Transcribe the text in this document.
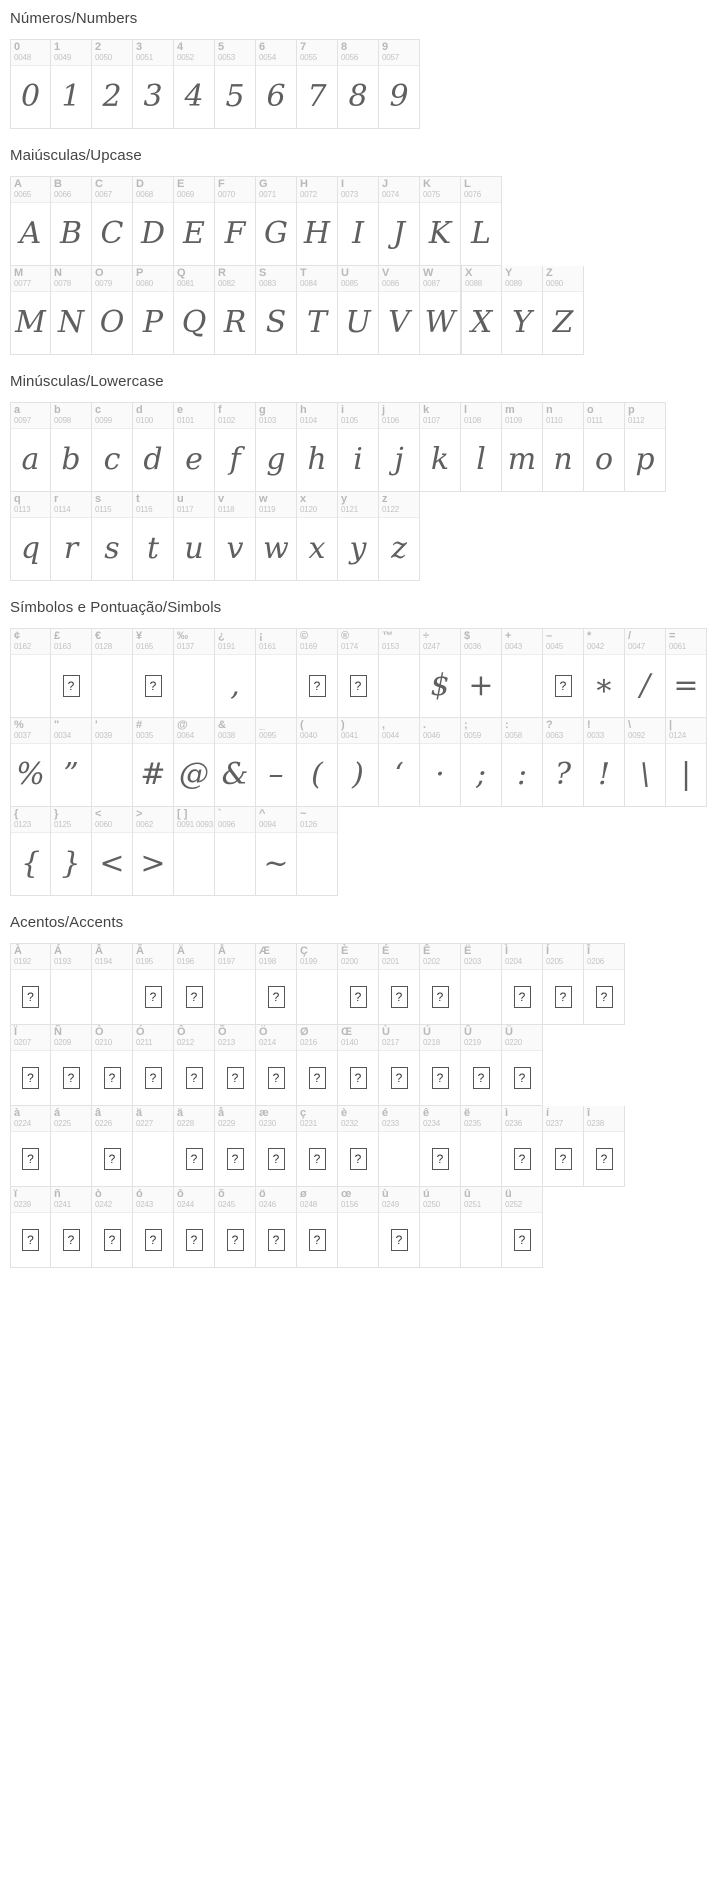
Números/Numbers
0
0048
0
1
0049
1
2
0050
2
3
0051
3
4
0052
4
5
0053
5
6
0054
6
7
0055
7
8
0056
8
9
0057
9
Maiúsculas/Upcase
A
0065
A
B
0066
B
C
0067
C
D
0068
D
E
0069
E
F
0070
F
G
0071
G
H
0072
H
I
0073
I
J
0074
J
K
0075
K
L
0076
L
M
0077
M
N
0078
N
O
0079
O
P
0080
P
Q
0081
Q
R
0082
R
S
0083
S
T
0084
T
U
0085
U
V
0086
V
W
0087
W
X
0088
X
Y
0089
Y
Z
0090
Z
Minúsculas/Lowercase
a
0097
a
b
0098
b
c
0099
c
d
0100
d
e
0101
e
f
0102
f
g
0103
g
h
0104
h
i
0105
i
j
0106
j
k
0107
k
l
0108
l
m
0109
m
n
0110
n
o
0111
o
p
0112
p
q
0113
q
r
0114
r
s
0115
s
t
0116
t
u
0117
u
v
0118
v
w
0119
w
x
0120
x
y
0121
y
z
0122
z
Símbolos e Pontuação/Simbols
¢
0162
£
0163
?
€
0128
¥
0165
?
‰
0137
¿
0191
,
¡
0161
©
0169
?
®
0174
?
™
0153
÷
0247
$
$
0036
+
+
0043
–
0045
?
*
0042
∗
/
0047
/
=
0061
=
%
0037
%
"
0034
”
'
0039
#
0035
#
@
0064
@
&
0038
&
_
0095
–
(
0040
(
)
0041
)
,
0044
ʻ
.
0046
·
;
0059
;
:
0058
:
?
0063
?
!
0033
!
\
0092
\
|
0124
|
{
0123
{
}
0125
}
<
0060
<
>
0062
>
[ ]
0091 0093
`
0096
^
0094
~
~
0126
Acentos/Accents
À
0192
?
Á
0193
Â
0194
Ã
0195
?
Ä
0196
?
Å
0197
Æ
0198
?
Ç
0199
È
0200
?
É
0201
?
Ê
0202
?
Ë
0203
Ì
0204
?
Í
0205
?
Î
0206
?
Ï
0207
?
Ñ
0209
?
Ò
0210
?
Ó
0211
?
Ô
0212
?
Õ
0213
?
Ö
0214
?
Ø
0216
?
Œ
0140
?
Ù
0217
?
Ú
0218
?
Û
0219
?
Ü
0220
?
à
0224
?
á
0225
â
0226
?
ä
0227
ä
0228
?
å
0229
?
æ
0230
?
ç
0231
?
è
0232
?
é
0233
ê
0234
?
ë
0235
ì
0236
?
í
0237
?
î
0238
?
ï
0239
?
ñ
0241
?
ò
0242
?
ó
0243
?
ô
0244
?
õ
0245
?
ö
0246
?
ø
0248
?
œ
0156
ù
0249
?
ú
0250
û
0251
ü
0252
?
